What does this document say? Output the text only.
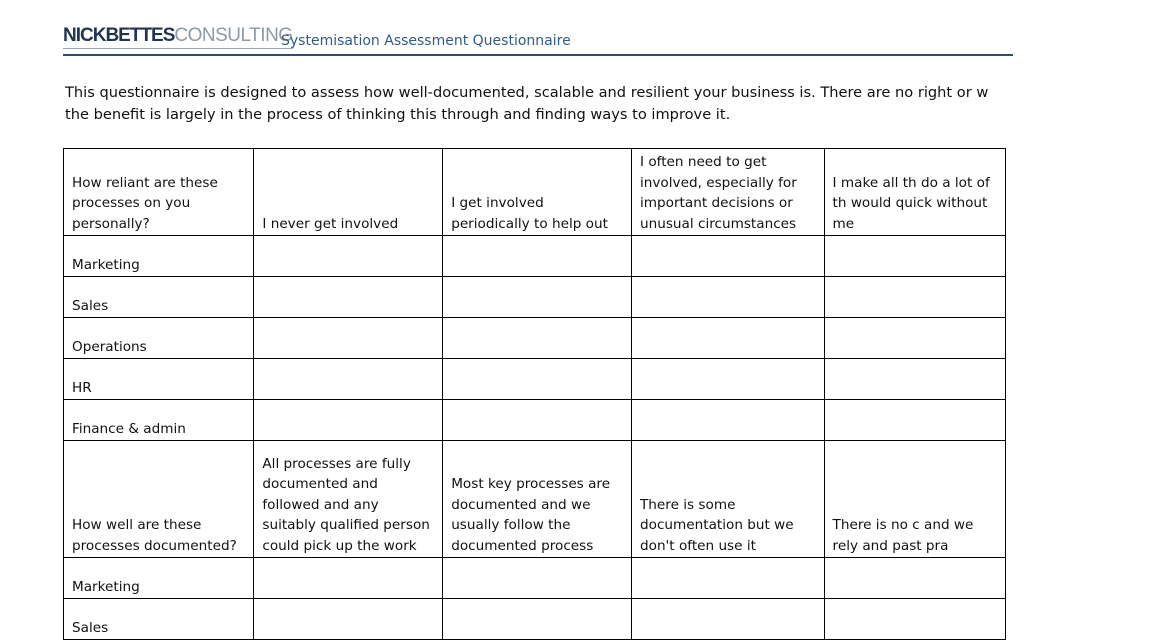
NICKBETTESCONSULTING
Systemisation Assessment Questionnaire

This questionnaire is designed to assess how well-documented, scalable and resilient your business is. There are no right or w

the benefit is largely in the process of thinking this through and finding ways to improve it.

How reliant are these processes on you personally?	I never get involved	I get involved periodically to help out	I often need to get involved, especially for important decisions or unusual circumstances	I make all th do a lot of th would quick without me

Marketing				
Sales				
Operations				
HR				
Finance & admin				

How well are these processes documented?	All processes are fully documented and followed and any suitably qualified person could pick up the work	Most key processes are documented and we usually follow the documented process	There is some documentation but we don't often use it	There is no c and we rely and past pra

Marketing				
Sales				
